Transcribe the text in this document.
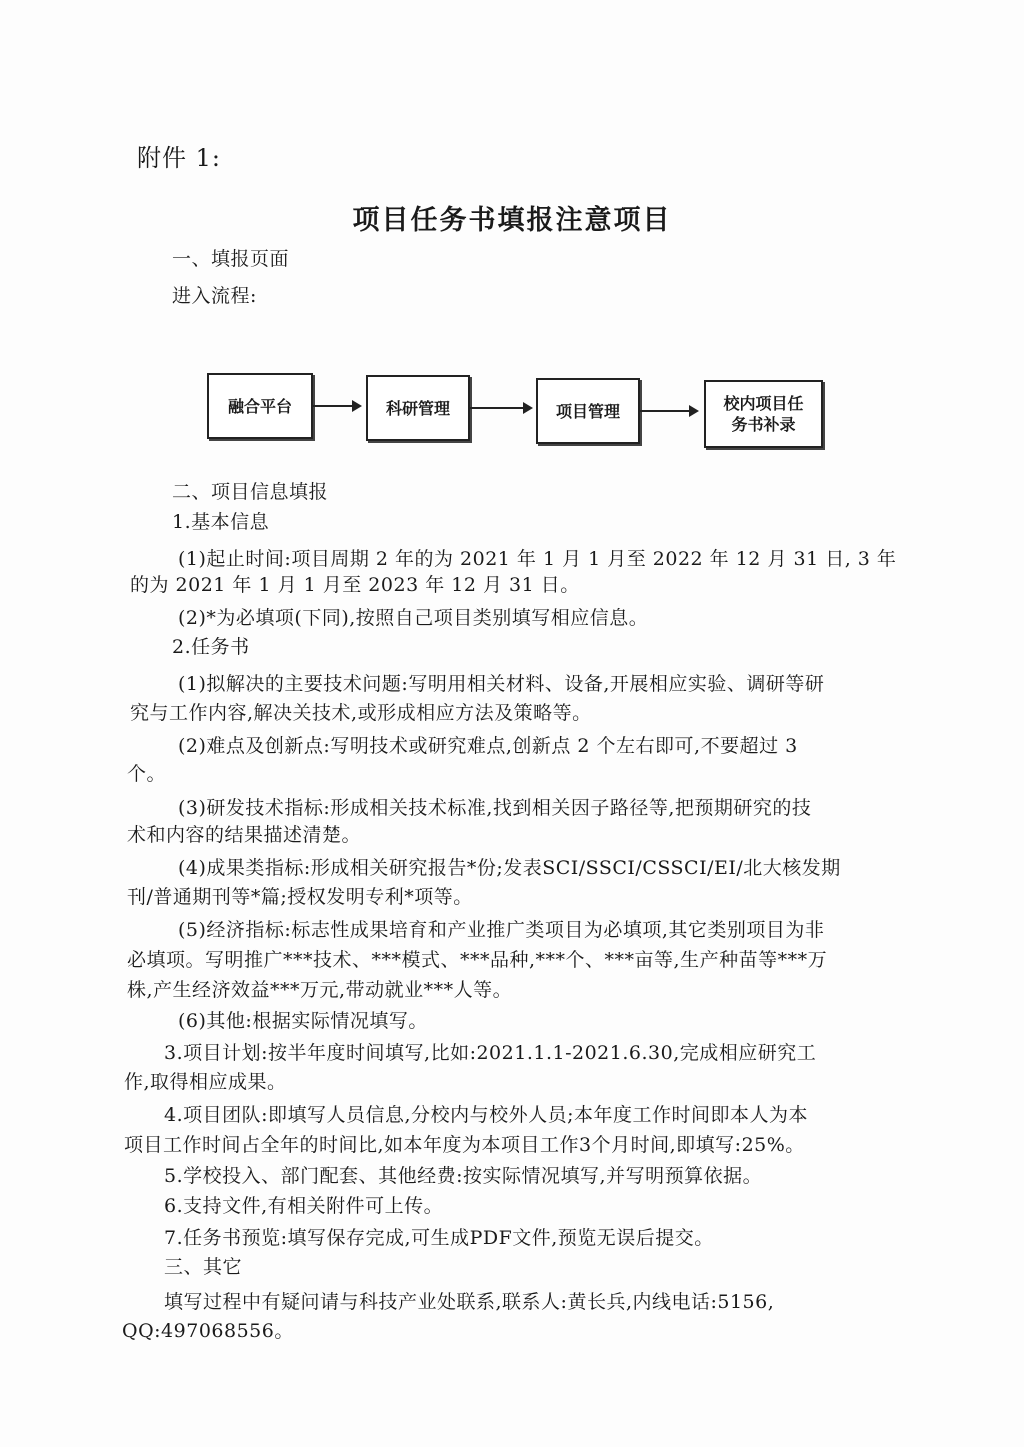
附件 1:
项目任务书填报注意项目
一、填报页面
进入流程:
融合平台	科研管理	项目管理	校内项目任
务书补录
二、项目信息填报
1.基本信息
(1)起止时间:项目周期 2 年的为 2021 年 1 月 1 月至 2022 年 12 月 31 日, 3 年
的为 2021 年 1 月 1 月至 2023 年 12 月 31 日。
(2)*为必填项(下同),按照自己项目类别填写相应信息。
2.任务书
(1)拟解决的主要技术问题:写明用相关材料、设备,开展相应实验、调研等研
究与工作内容,解决关技术,或形成相应方法及策略等。
(2)难点及创新点:写明技术或研究难点,创新点 2 个左右即可,不要超过 3
个。
(3)研发技术指标:形成相关技术标准,找到相关因子路径等,把预期研究的技
术和内容的结果描述清楚。
(4)成果类指标:形成相关研究报告*份;发表SCI/SSCI/CSSCI/EI/北大核发期
刊/普通期刊等*篇;授权发明专利*项等。
(5)经济指标:标志性成果培育和产业推广类项目为必填项,其它类别项目为非
必填项。写明推广***技术、***模式、***品种,***个、***亩等,生产种苗等***万
株,产生经济效益***万元,带动就业***人等。
(6)其他:根据实际情况填写。
3.项目计划:按半年度时间填写,比如:2021.1.1-2021.6.30,完成相应研究工
作,取得相应成果。
4.项目团队:即填写人员信息,分校内与校外人员;本年度工作时间即本人为本
项目工作时间占全年的时间比,如本年度为本项目工作3个月时间,即填写:25%。
5.学校投入、部门配套、其他经费:按实际情况填写,并写明预算依据。
6.支持文件,有相关附件可上传。
7.任务书预览:填写保存完成,可生成PDF文件,预览无误后提交。
三、其它
填写过程中有疑问请与科技产业处联系,联系人:黄长兵,内线电话:5156,
QQ:497068556。
